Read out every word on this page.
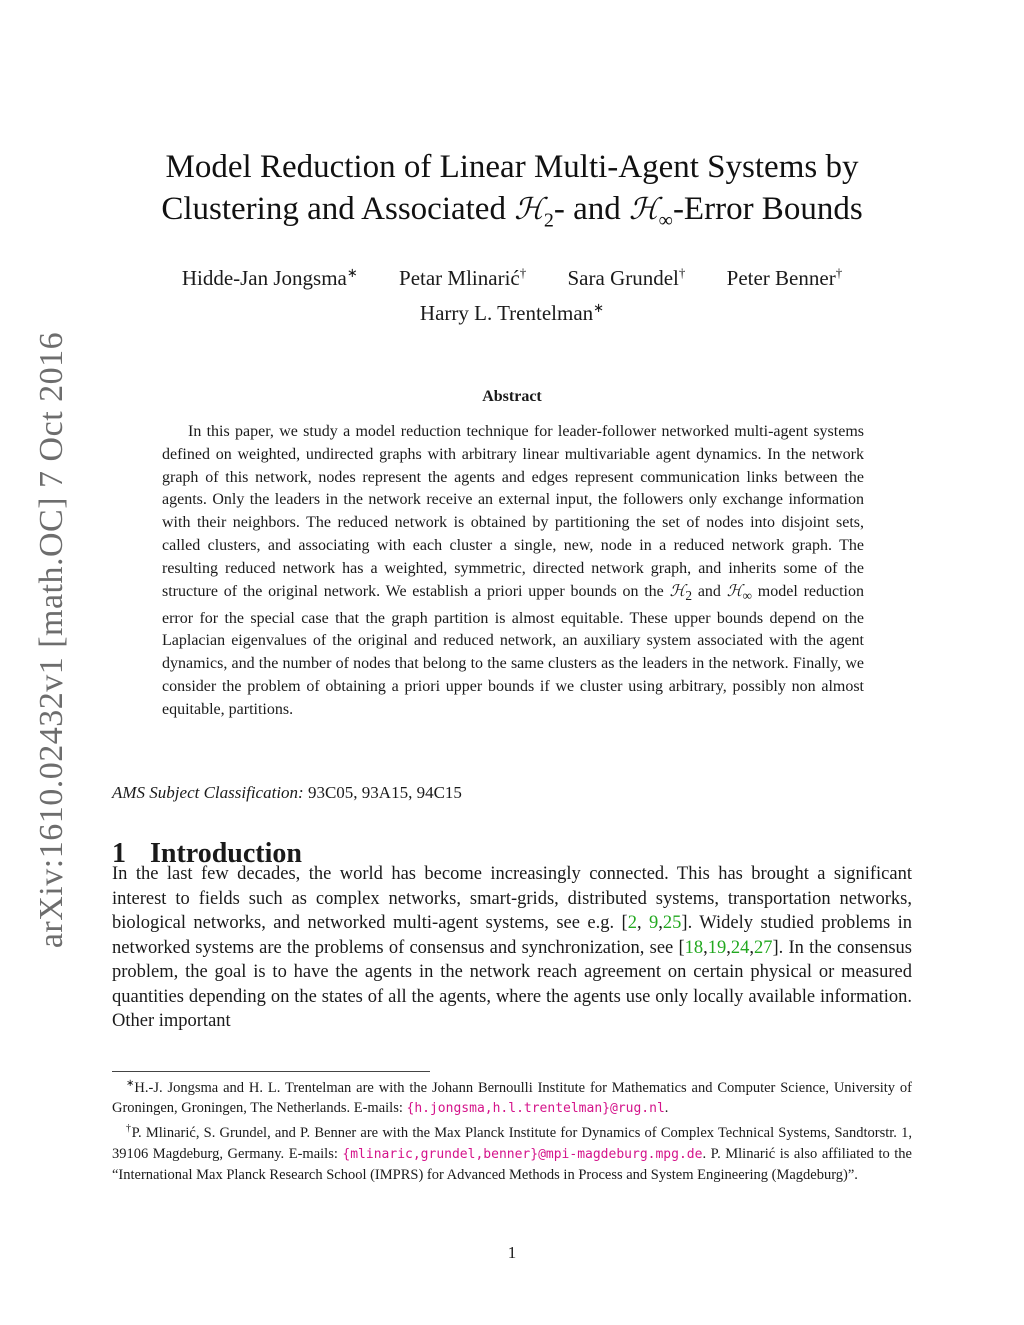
arXiv:1610.02432v1 [math.OC] 7 Oct 2016
Model Reduction of Linear Multi-Agent Systems by
Clustering and Associated ℋ$_2$- and ℋ$_\infty$-Error Bounds
Hidde-Jan Jongsma∗ Petar Mlinarić† Sara Grundel† Peter Benner†
Harry L. Trentelman∗
Abstract
In this paper, we study a model reduction technique for leader-follower networked multi-agent systems defined on weighted, undirected graphs with arbitrary linear multivariable agent dynamics. In the network graph of this network, nodes represent the agents and edges represent communication links between the agents. Only the leaders in the network receive an external input, the followers only exchange information with their neighbors. The reduced network is obtained by partitioning the set of nodes into disjoint sets, called clusters, and associating with each cluster a single, new, node in a reduced network graph. The resulting reduced network has a weighted, symmetric, directed network graph, and inherits some of the structure of the original network. We establish a priori upper bounds on the ℋ$_2$ and ℋ$_\infty$ model reduction error for the special case that the graph partition is almost equitable. These upper bounds depend on the Laplacian eigenvalues of the original and reduced network, an auxiliary system associated with the agent dynamics, and the number of nodes that belong to the same clusters as the leaders in the network. Finally, we consider the problem of obtaining a priori upper bounds if we cluster using arbitrary, possibly non almost equitable, partitions.
AMS Subject Classification: 93C05, 93A15, 94C15
1 Introduction
In the last few decades, the world has become increasingly connected. This has brought a significant interest to fields such as complex networks, smart-grids, distributed systems, transportation networks, biological networks, and networked multi-agent systems, see e.g. [2, 9,25]. Widely studied problems in networked systems are the problems of consensus and synchronization, see [18,19,24,27]. In the consensus problem, the goal is to have the agents in the network reach agreement on certain physical or measured quantities depending on the states of all the agents, where the agents use only locally available information. Other important

∗H.-J. Jongsma and H. L. Trentelman are with the Johann Bernoulli Institute for Mathematics and Computer Science, University of Groningen, Groningen, The Netherlands. E-mails: {h.jongsma,h.l.trentelman}@rug.nl.

†P. Mlinarić, S. Grundel, and P. Benner are with the Max Planck Institute for Dynamics of Complex Technical Systems, Sandtorstr. 1, 39106 Magdeburg, Germany. E-mails: {mlinaric,grundel,benner}@mpi-magdeburg.mpg.de. P. Mlinarić is also affiliated to the “International Max Planck Research School (IMPRS) for Advanced Methods in Process and System Engineering (Magdeburg)”.

1
